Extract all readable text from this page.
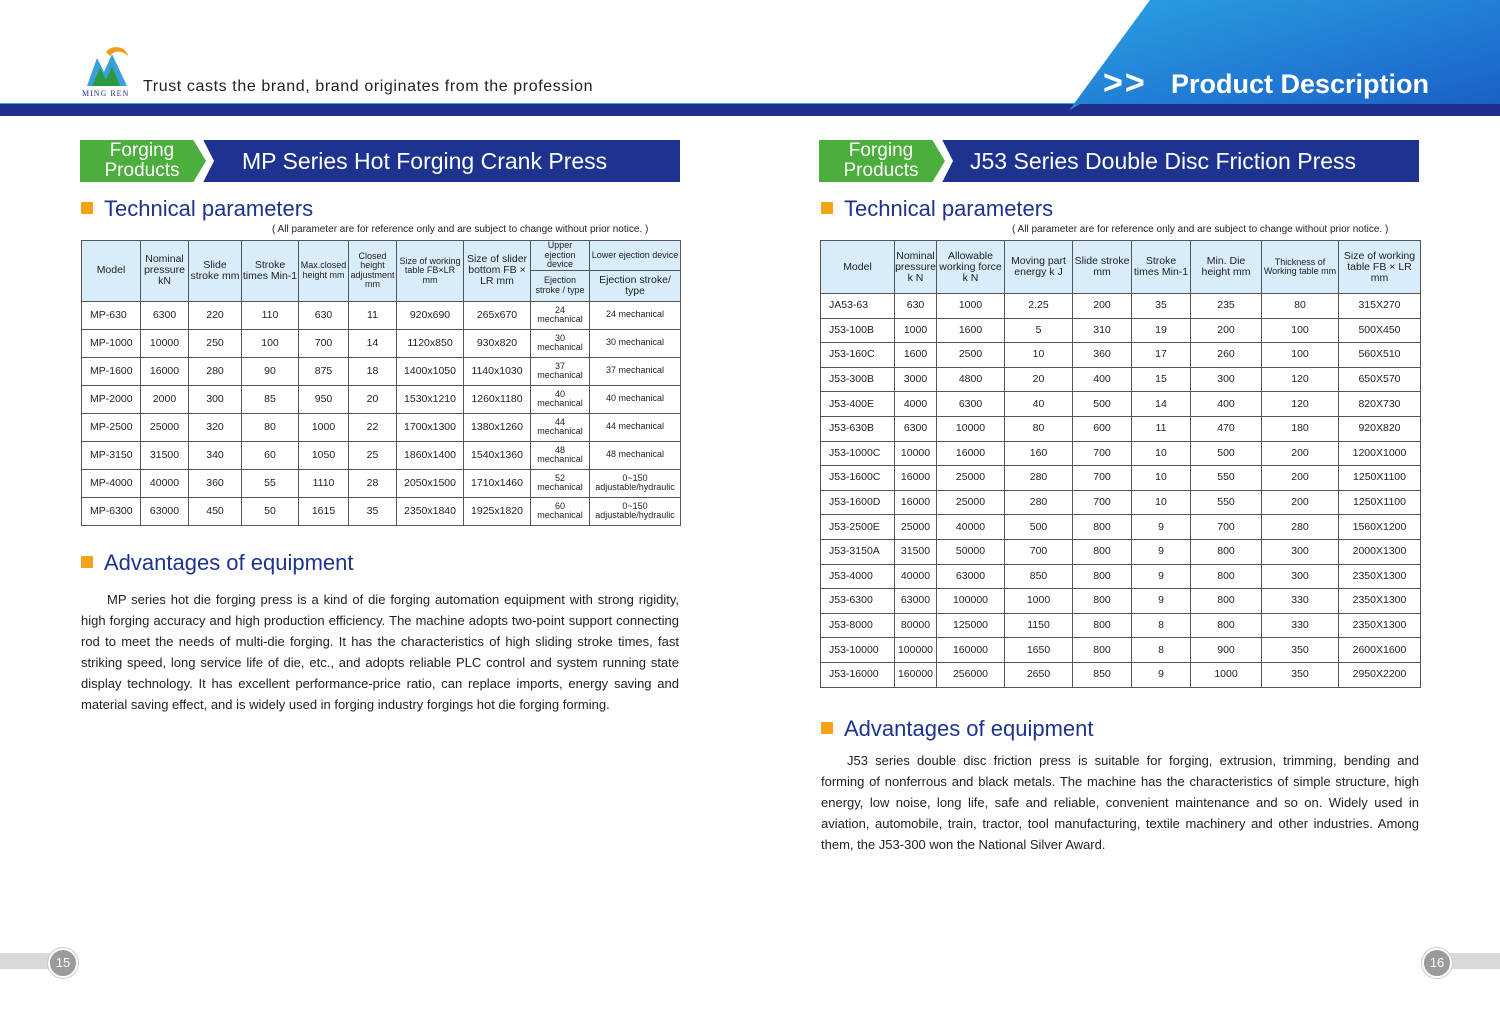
MING REN Trust casts the brand, brand originates from the profession	>> Product Description
Forging Products	MP Series Hot Forging Crank Press
Technical parameters
( All parameter are for reference only and are subject to change without prior notice. )
Model	Nominal pressure kN	Slide stroke mm	Stroke times Min-1	Max.closed height mm	Closed height adjustment mm	Size of working table FB×LR mm	Size of slider bottom FB × LR mm	Upper ejection device	Lower ejection device
								Ejection stroke / type	Ejection stroke/ type
MP-630	6300	220	110	630	11	920x690	265x670	24 mechanical	24 mechanical
MP-1000	10000	250	100	700	14	1120x850	930x820	30 mechanical	30 mechanical
MP-1600	16000	280	90	875	18	1400x1050	1140x1030	37 mechanical	37 mechanical
MP-2000	2000	300	85	950	20	1530x1210	1260x1180	40 mechanical	40 mechanical
MP-2500	25000	320	80	1000	22	1700x1300	1380x1260	44 mechanical	44 mechanical
MP-3150	31500	340	60	1050	25	1860x1400	1540x1360	48 mechanical	48 mechanical
MP-4000	40000	360	55	1110	28	2050x1500	1710x1460	52 mechanical	0~150 adjustable/hydraulic
MP-6300	63000	450	50	1615	35	2350x1840	1925x1820	60 mechanical	0~150 adjustable/hydraulic
Advantages of equipment
MP series hot die forging press is a kind of die forging automation equipment with strong rigidity, high forging accuracy and high production efficiency. The machine adopts two-point support connecting rod to meet the needs of multi-die forging. It has the characteristics of high sliding stroke times, fast striking speed, long service life of die, etc., and adopts reliable PLC control and system running state display technology. It has excellent performance-price ratio, can replace imports, energy saving and material saving effect, and is widely used in forging industry forgings hot die forging forming.
Forging Products	J53 Series Double Disc Friction Press
Technical parameters
( All parameter are for reference only and are subject to change without prior notice. )
Model	Nominal pressure k N	Allowable working force k N	Moving part energy k J	Slide stroke mm	Stroke times Min-1	Min. Die height mm	Thickness of Working table mm	Size of working table FB × LR mm
JA53-63	630	1000	2.25	200	35	235	80	315X270
J53-100B	1000	1600	5	310	19	200	100	500X450
J53-160C	1600	2500	10	360	17	260	100	560X510
J53-300B	3000	4800	20	400	15	300	120	650X570
J53-400E	4000	6300	40	500	14	400	120	820X730
J53-630B	6300	10000	80	600	11	470	180	920X820
J53-1000C	10000	16000	160	700	10	500	200	1200X1000
J53-1600C	16000	25000	280	700	10	550	200	1250X1100
J53-1600D	16000	25000	280	700	10	550	200	1250X1100
J53-2500E	25000	40000	500	800	9	700	280	1560X1200
J53-3150A	31500	50000	700	800	9	800	300	2000X1300
J53-4000	40000	63000	850	800	9	800	300	2350X1300
J53-6300	63000	100000	1000	800	9	800	330	2350X1300
J53-8000	80000	125000	1150	800	8	800	330	2350X1300
J53-10000	100000	160000	1650	800	8	900	350	2600X1600
J53-16000	160000	256000	2650	850	9	1000	350	2950X2200
Advantages of equipment
J53 series double disc friction press is suitable for forging, extrusion, trimming, bending and forming of nonferrous and black metals. The machine has the characteristics of simple structure, high energy, low noise, long life, safe and reliable, convenient maintenance and so on. Widely used in aviation, automobile, train, tractor, tool manufacturing, textile machinery and other industries. Among them, the J53-300 won the National Silver Award.
15	16
